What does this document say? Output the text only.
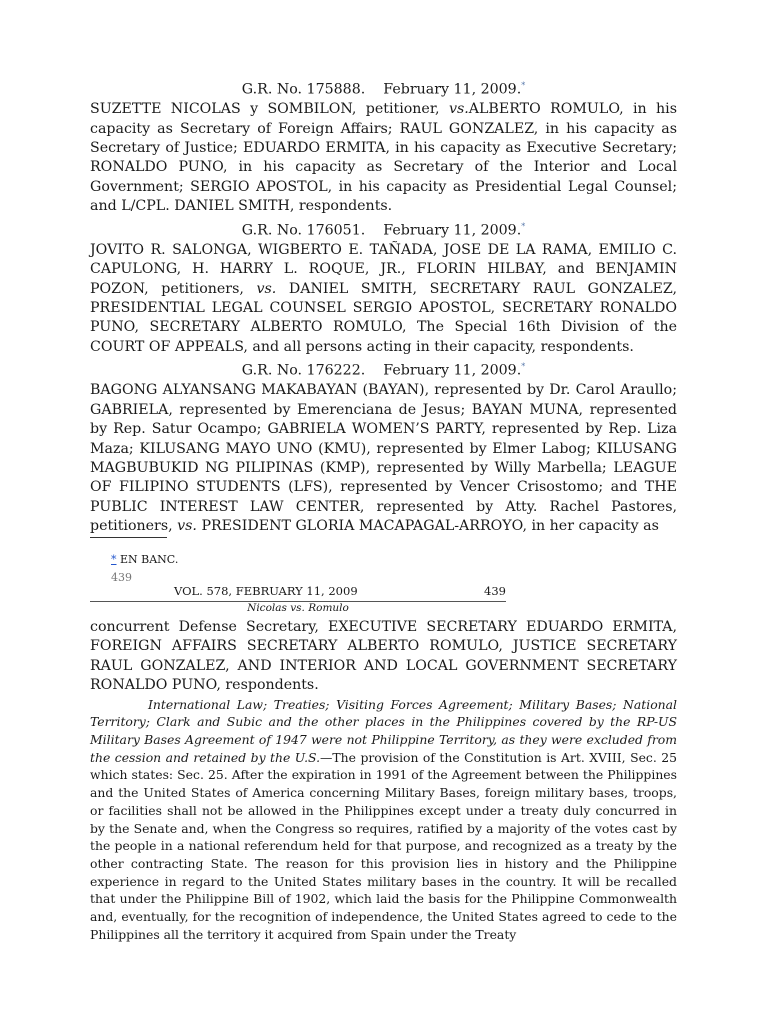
G.R. No. 175888. February 11, 2009.*

SUZETTE NICOLAS y SOMBILON, petitioner, vs.ALBERTO ROMULO, in his capacity as Secretary of Foreign Affairs; RAUL GONZALEZ, in his capacity as Secretary of Justice; EDUARDO ERMITA, in his capacity as Executive Secretary; RONALDO PUNO, in his capacity as Secretary of the Interior and Local Government; SERGIO APOSTOL, in his capacity as Presidential Legal Counsel; and L/CPL. DANIEL SMITH, respondents.

G.R. No. 176051. February 11, 2009.*

JOVITO R. SALONGA, WIGBERTO E. TAÑADA, JOSE DE LA RAMA, EMILIO C. CAPULONG, H. HARRY L. ROQUE, JR., FLORIN HILBAY, and BENJAMIN POZON, petitioners, vs. DANIEL SMITH, SECRETARY RAUL GONZALEZ, PRESIDENTIAL LEGAL COUNSEL SERGIO APOSTOL, SECRETARY RONALDO PUNO, SECRETARY ALBERTO ROMULO, The Special 16th Division of the COURT OF APPEALS, and all persons acting in their capacity, respondents.

G.R. No. 176222. February 11, 2009.*

BAGONG ALYANSANG MAKABAYAN (BAYAN), represented by Dr. Carol Araullo; GABRIELA, represented by Emerenciana de Jesus; BAYAN MUNA, represented by Rep. Satur Ocampo; GABRIELA WOMEN’S PARTY, represented by Rep. Liza Maza; KILUSANG MAYO UNO (KMU), represented by Elmer Labog; KILUSANG MAGBUBUKID NG PILIPINAS (KMP), represented by Willy Marbella; LEAGUE OF FILIPINO STUDENTS (LFS), represented by Vencer Crisostomo; and THE PUBLIC INTEREST LAW CENTER, represented by Atty. Rachel Pastores, petitioners, vs. PRESIDENT GLORIA MACAPAGAL-ARROYO, in her capacity as

* EN BANC.
439
VOL. 578, FEBRUARY 11, 2009	439
Nicolas vs. Romulo

concurrent Defense Secretary, EXECUTIVE SECRETARY EDUARDO ERMITA, FOREIGN AFFAIRS SECRETARY ALBERTO ROMULO, JUSTICE SECRETARY RAUL GONZALEZ, AND INTERIOR AND LOCAL GOVERNMENT SECRETARY RONALDO PUNO, respondents.

International Law; Treaties; Visiting Forces Agreement; Military Bases; National Territory; Clark and Subic and the other places in the Philippines covered by the RP-US Military Bases Agreement of 1947 were not Philippine Territory, as they were excluded from the cession and retained by the U.S.—The provision of the Constitution is Art. XVIII, Sec. 25 which states: Sec. 25. After the expiration in 1991 of the Agreement between the Philippines and the United States of America concerning Military Bases, foreign military bases, troops, or facilities shall not be allowed in the Philippines except under a treaty duly concurred in by the Senate and, when the Congress so requires, ratified by a majority of the votes cast by the people in a national referendum held for that purpose, and recognized as a treaty by the other contracting State. The reason for this provision lies in history and the Philippine experience in regard to the United States military bases in the country. It will be recalled that under the Philippine Bill of 1902, which laid the basis for the Philippine Commonwealth and, eventually, for the recognition of independence, the United States agreed to cede to the Philippines all the territory it acquired from Spain under the Treaty
